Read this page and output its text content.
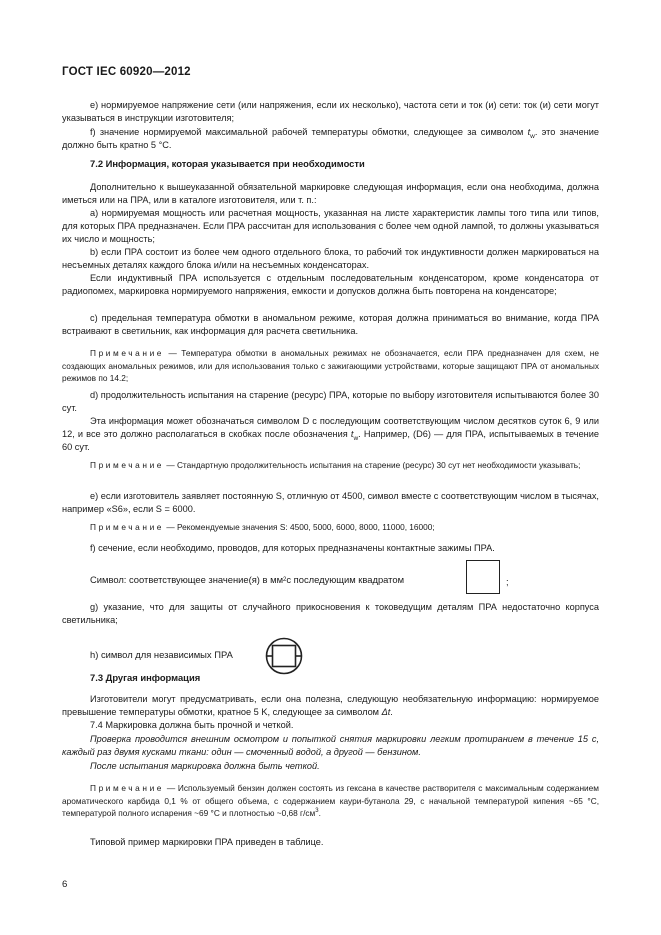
ГОСТ IEC 60920—2012
е) нормируемое напряжение сети (или напряжения, если их несколько), частота сети и ток (и) сети: ток (и) сети могут указываться в инструкции изготовителя;
f) значение нормируемой максимальной рабочей температуры обмотки, следующее за символом $t_w$. это значение должно быть кратно 5 °C.
7.2 Информация, которая указывается при необходимости
Дополнительно к вышеуказанной обязательной маркировке следующая информация, если она необходима, должна иметься или на ПРА, или в каталоге изготовителя, или т. п.:
а) нормируемая мощность или расчетная мощность, указанная на листе характеристик лампы того типа или типов, для которых ПРА предназначен. Если ПРА рассчитан для использования с более чем одной лампой, то должны указываться их число и мощность;
b) если ПРА состоит из более чем одного отдельного блока, то рабочий ток индуктивности должен маркироваться на несъемных деталях каждого блока и/или на несъемных конденсаторах.
Если индуктивный ПРА используется с отдельным последовательным конденсатором, кроме конденсатора от радиопомех, маркировка нормируемого напряжения, емкости и допусков должна быть повторена на конденсаторе;
с) предельная температура обмотки в аномальном режиме, которая должна приниматься во внимание, когда ПРА встраивают в светильник, как информация для расчета светильника.
Примечание — Температура обмотки в аномальных режимах не обозначается, если ПРА предназначен для схем, не создающих аномальных режимов, или для использования только с зажигающими устройствами, которые защищают ПРА от аномальных режимов по 14.2;
d) продолжительность испытания на старение (ресурс) ПРА, которые по выбору изготовителя испытываются более 30 сут.
Эта информация может обозначаться символом D с последующим соответствующим числом десятков суток 6, 9 или 12, и все это должно располагаться в скобках после обозначения $t_w$. Например, (D6) — для ПРА, испытываемых в течение 60 сут.
Примечание — Стандартную продолжительность испытания на старение (ресурс) 30 сут нет необходимости указывать;
е) если изготовитель заявляет постоянную S, отличную от 4500, символ вместе с соответствующим числом в тысячах, например «S6», если S = 6000.
Примечание — Рекомендуемые значения S: 4500, 5000, 6000, 8000, 11000, 16000;
f) сечение, если необходимо, проводов, для которых предназначены контактные зажимы ПРА.
Символ: соответствующее значение(я) в мм 2 с последующим квадратом	;
g) указание, что для защиты от случайного прикосновения к токоведущим деталям ПРА недостаточно корпуса светильника;
h) символ для независимых ПРА
7.3 Другая информация
Изготовители могут предусматривать, если она полезна, следующую необязательную информацию: нормируемое превышение температуры обмотки, кратное 5 K, следующее за символом Δt.
7.4 Маркировка должна быть прочной и четкой.
Проверка проводится внешним осмотром и попыткой снятия маркировки легким протиранием в течение 15 с, каждый раз двумя кусками ткани: один — смоченный водой, а другой — бензином.
После испытания маркировка должна быть четкой.
Примечание — Используемый бензин должен состоять из гексана в качестве растворителя с максимальным содержанием ароматического карбида 0,1 % от общего объема, с содержанием каури-бутанола 29, с начальной температурой кипения ~65 °C, температурой полного испарения ~69 °C и плотностью ~0,68 $г/см^3$.
Типовой пример маркировки ПРА приведен в таблице.
6
